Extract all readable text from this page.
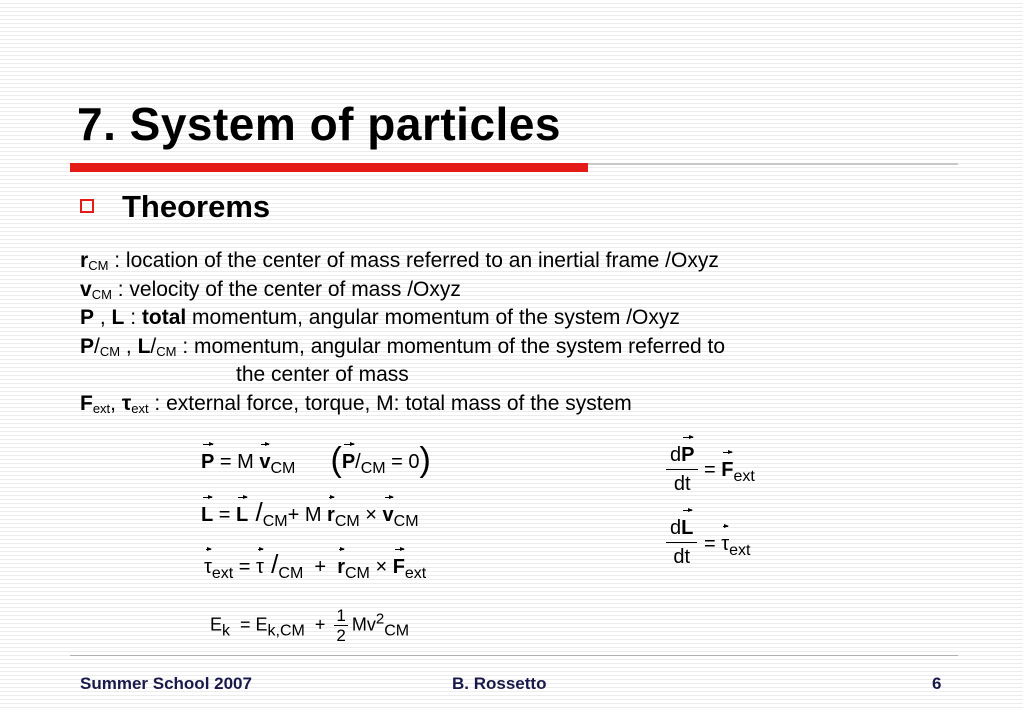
7. System of particles
Theorems
$r_{CM}$ : location of the center of mass referred to an inertial frame /Oxyz
$v_{CM}$ : velocity of the center of mass /Oxyz
P , L : total momentum, angular momentum of the system /Oxyz
$P/_{CM}$ , $L/_{CM}$ : momentum, angular momentum of the system referred to
the center of mass
$F_{ext}$, $\tau_{ext}$ : external force, torque, M: total mass of the system
P = M $v_{CM}$ $(P/_{CM} = 0)$
L = L $/_{CM}+ M$ $r_{CM} \times v_{CM}$
$\tau_{ext} = \tau$ $/_{CM} + r_{CM} \times F_{ext}$
$E_k = E_{k,CM} + \frac{1}{2} Mv^2_{CM}$
$\frac{dP}{dt} = F_{ext}$
$\frac{dL}{dt} = \tau_{ext}$
Summer School 2007	B. Rossetto	6
